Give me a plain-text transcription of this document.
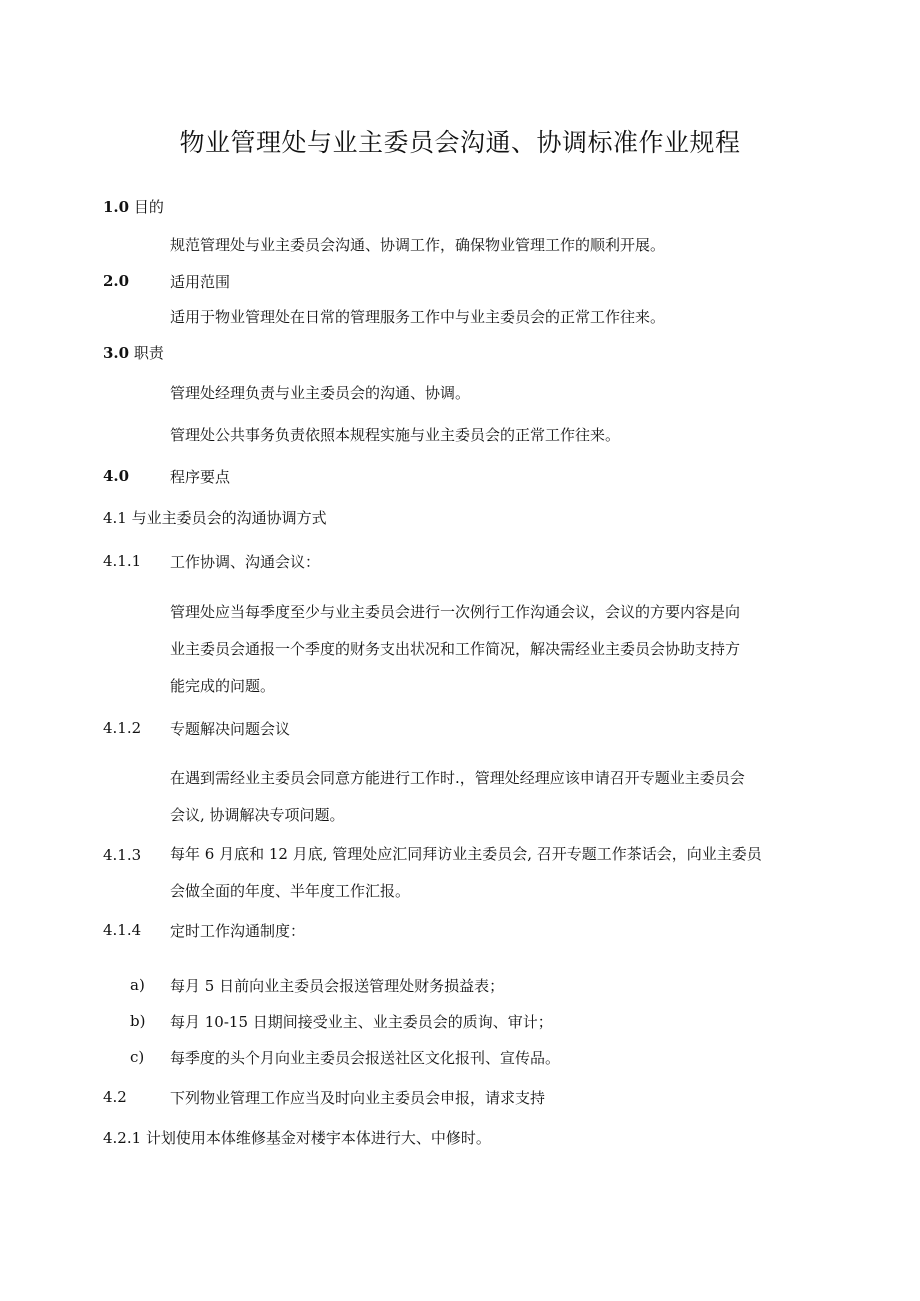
物业管理处与业主委员会沟通、协调标准作业规程
1.0 目的
规范管理处与业主委员会沟通、协调工作，确保物业管理工作的顺利开展。
2.0	适用范围
适用于物业管理处在日常的管理服务工作中与业主委员会的正常工作往来。
3.0 职责
管理处经理负责与业主委员会的沟通、协调。
管理处公共事务负责依照本规程实施与业主委员会的正常工作往来。
4.0	程序要点
4.1 与业主委员会的沟通协调方式
4.1.1 工作协调、沟通会议：
管理处应当每季度至少与业主委员会进行一次例行工作沟通会议，会议的方要内容是向
业主委员会通报一个季度的财务支出状况和工作简况，解决需经业主委员会协助支持方
能完成的问题。
4.1.2 专题解决问题会议
在遇到需经业主委员会同意方能进行工作时.，管理处经理应该申请召开专题业主委员会
会议, 协调解决专项问题。
4.1.3 每年 6 月底和 12 月底, 管理处应汇同拜访业主委员会, 召开专题工作茶话会，向业主委员
会做全面的年度、半年度工作汇报。
4.1.4 定时工作沟通制度：
a) 每月 5 日前向业主委员会报送管理处财务损益表；
b) 每月 10-15 日期间接受业主、业主委员会的质询、审计；
c) 每季度的头个月向业主委员会报送社区文化报刊、宣传品。
4.2	下列物业管理工作应当及时向业主委员会申报，请求支持
4.2.1 计划使用本体维修基金对楼宇本体进行大、中修时。
